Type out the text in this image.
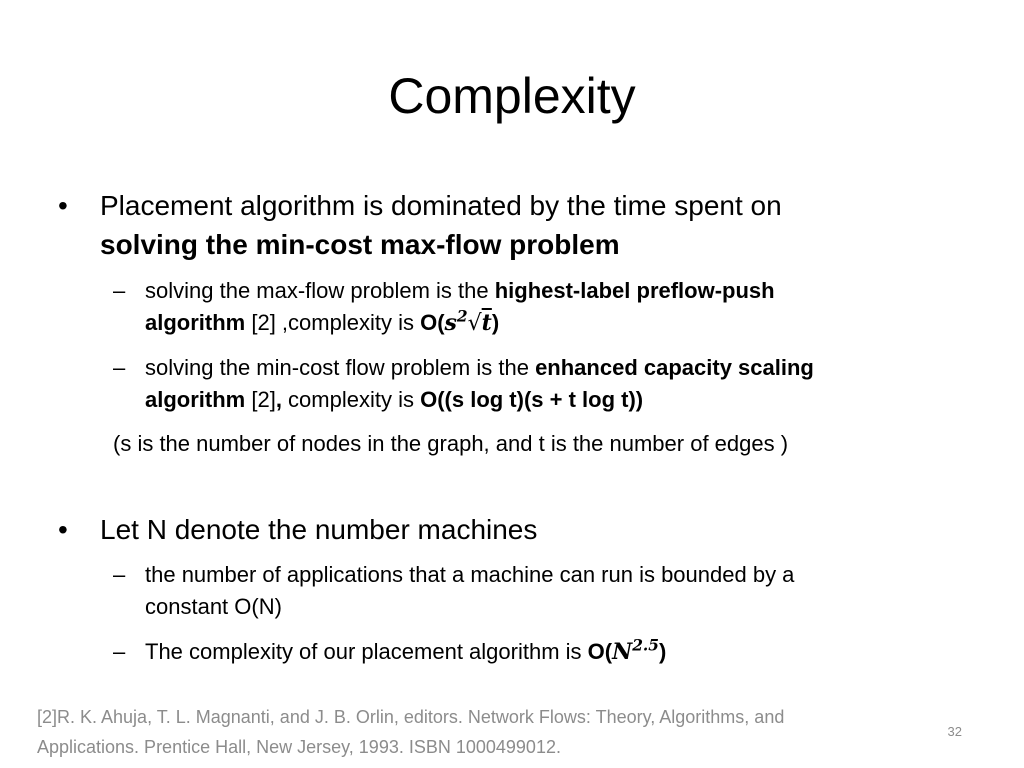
Complexity
• Placement algorithm is dominated by the time spent on
solving the min-cost max-flow problem
– solving the max-flow problem is the highest-label preflow-push
algorithm [2] ,complexity is $O(s^2√t)$
– solving the min-cost flow problem is the enhanced capacity scaling
algorithm [2], complexity is O((s log t)(s + t log t))
(s is the number of nodes in the graph, and t is the number of edges )
• Let N denote the number machines
– the number of applications that a machine can run is bounded by a
constant O(N)
– The complexity of our placement algorithm is $O(N^{2.5})$
[2]R. K. Ahuja, T. L. Magnanti, and J. B. Orlin, editors. Network Flows: Theory, Algorithms, and
Applications. Prentice Hall, New Jersey, 1993. ISBN 1000499012.
32
